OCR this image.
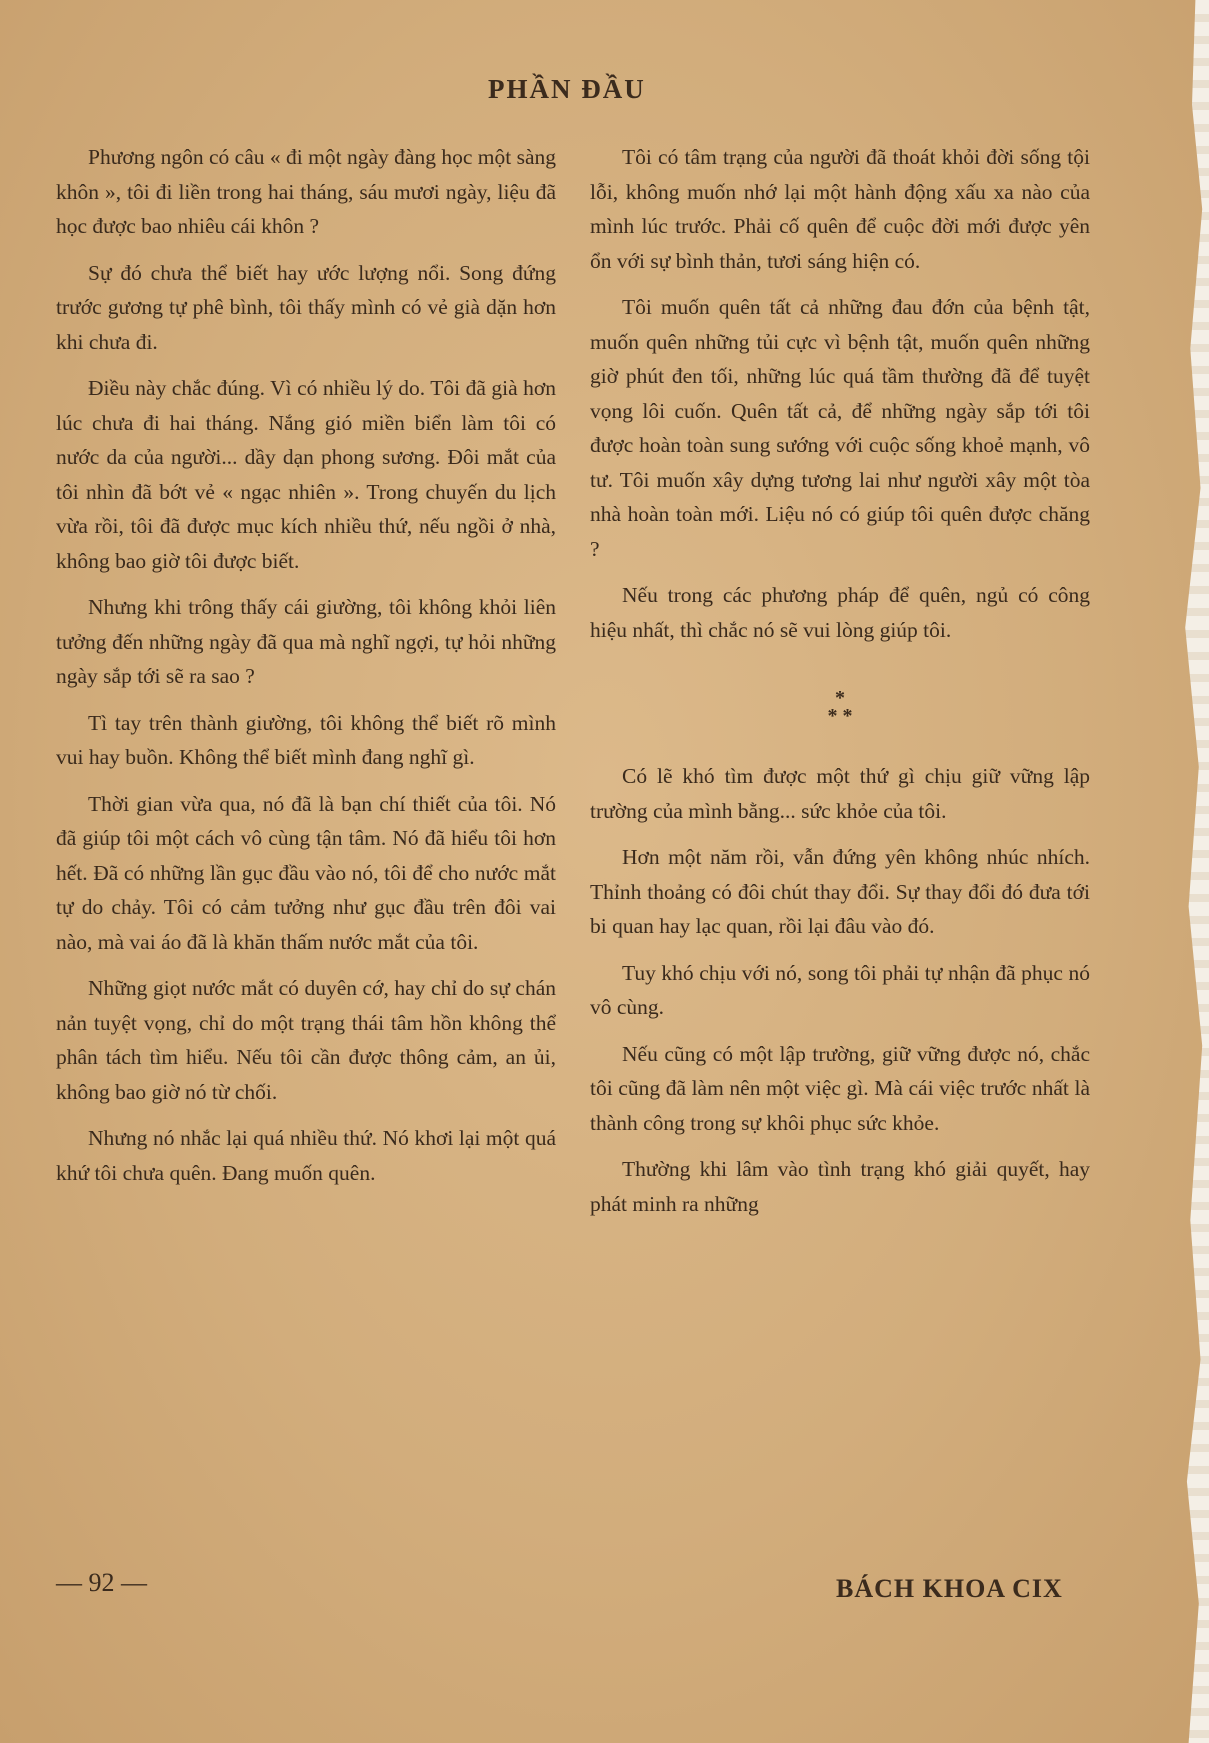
PHẦN ĐẦU

Phương ngôn có câu « đi một ngày đàng học một sàng khôn », tôi đi liền trong hai tháng, sáu mươi ngày, liệu đã học được bao nhiêu cái khôn ?

Sự đó chưa thể biết hay ước lượng nổi. Song đứng trước gương tự phê bình, tôi thấy mình có vẻ già dặn hơn khi chưa đi.

Điều này chắc đúng. Vì có nhiều lý do. Tôi đã già hơn lúc chưa đi hai tháng. Nắng gió miền biển làm tôi có nước da của người... dầy dạn phong sương. Đôi mắt của tôi nhìn đã bớt vẻ « ngạc nhiên ». Trong chuyến du lịch vừa rồi, tôi đã được mục kích nhiều thứ, nếu ngồi ở nhà, không bao giờ tôi được biết.

Nhưng khi trông thấy cái giường, tôi không khỏi liên tưởng đến những ngày đã qua mà nghĩ ngợi, tự hỏi những ngày sắp tới sẽ ra sao ?

Tì tay trên thành giường, tôi không thể biết rõ mình vui hay buồn. Không thể biết mình đang nghĩ gì.

Thời gian vừa qua, nó đã là bạn chí thiết của tôi. Nó đã giúp tôi một cách vô cùng tận tâm. Nó đã hiểu tôi hơn hết. Đã có những lần gục đầu vào nó, tôi để cho nước mắt tự do chảy. Tôi có cảm tưởng như gục đầu trên đôi vai nào, mà vai áo đã là khăn thấm nước mắt của tôi.

Những giọt nước mắt có duyên cớ, hay chỉ do sự chán nản tuyệt vọng, chỉ do một trạng thái tâm hồn không thể phân tách tìm hiểu. Nếu tôi cần được thông cảm, an ủi, không bao giờ nó từ chối.

Nhưng nó nhắc lại quá nhiều thứ. Nó khơi lại một quá khứ tôi chưa quên. Đang muốn quên.

Tôi có tâm trạng của người đã thoát khỏi đời sống tội lỗi, không muốn nhớ lại một hành động xấu xa nào của mình lúc trước. Phải cố quên để cuộc đời mới được yên ổn với sự bình thản, tươi sáng hiện có.

Tôi muốn quên tất cả những đau đớn của bệnh tật, muốn quên những tủi cực vì bệnh tật, muốn quên những giờ phút đen tối, những lúc quá tầm thường đã để tuyệt vọng lôi cuốn. Quên tất cả, để những ngày sắp tới tôi được hoàn toàn sung sướng với cuộc sống khoẻ mạnh, vô tư. Tôi muốn xây dựng tương lai như người xây một tòa nhà hoàn toàn mới. Liệu nó có giúp tôi quên được chăng ?

Nếu trong các phương pháp để quên, ngủ có công hiệu nhất, thì chắc nó sẽ vui lòng giúp tôi.

*
* *

Có lẽ khó tìm được một thứ gì chịu giữ vững lập trường của mình bằng... sức khỏe của tôi.

Hơn một năm rồi, vẫn đứng yên không nhúc nhích. Thỉnh thoảng có đôi chút thay đổi. Sự thay đổi đó đưa tới bi quan hay lạc quan, rồi lại đâu vào đó.

Tuy khó chịu với nó, song tôi phải tự nhận đã phục nó vô cùng.

Nếu cũng có một lập trường, giữ vững được nó, chắc tôi cũng đã làm nên một việc gì. Mà cái việc trước nhất là thành công trong sự khôi phục sức khỏe.

Thường khi lâm vào tình trạng khó giải quyết, hay phát minh ra những

— 92 —	BÁCH KHOA CIX
